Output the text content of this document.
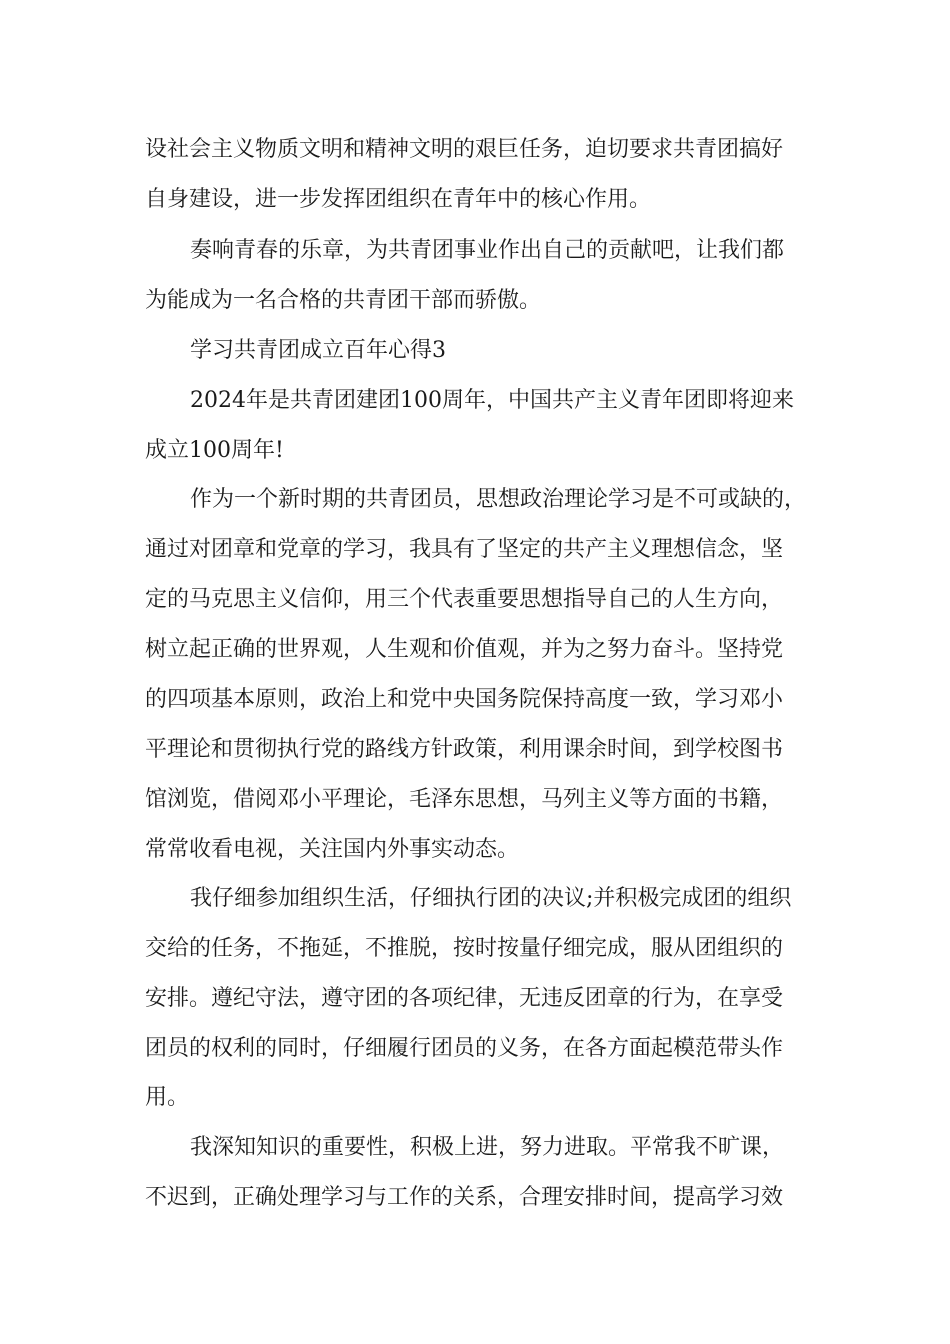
设社会主义物质文明和精神文明的艰巨任务，迫切要求共青团搞好
自身建设，进一步发挥团组织在青年中的核心作用。
奏响青春的乐章，为共青团事业作出自己的贡献吧，让我们都
为能成为一名合格的共青团干部而骄傲。
学习共青团成立百年心得3
2024年是共青团建团100周年，中国共产主义青年团即将迎来
成立100周年!
作为一个新时期的共青团员，思想政治理论学习是不可或缺的，
通过对团章和党章的学习，我具有了坚定的共产主义理想信念，坚
定的马克思主义信仰，用三个代表重要思想指导自己的人生方向，
树立起正确的世界观，人生观和价值观，并为之努力奋斗。坚持党
的四项基本原则，政治上和党中央国务院保持高度一致，学习邓小
平理论和贯彻执行党的路线方针政策，利用课余时间，到学校图书
馆浏览，借阅邓小平理论，毛泽东思想，马列主义等方面的书籍，
常常收看电视，关注国内外事实动态。
我仔细参加组织生活，仔细执行团的决议;并积极完成团的组织
交给的任务，不拖延，不推脱，按时按量仔细完成，服从团组织的
安排。遵纪守法，遵守团的各项纪律，无违反团章的行为，在享受
团员的权利的同时，仔细履行团员的义务，在各方面起模范带头作
用。
我深知知识的重要性，积极上进，努力进取。平常我不旷课，
不迟到，正确处理学习与工作的关系，合理安排时间，提高学习效
